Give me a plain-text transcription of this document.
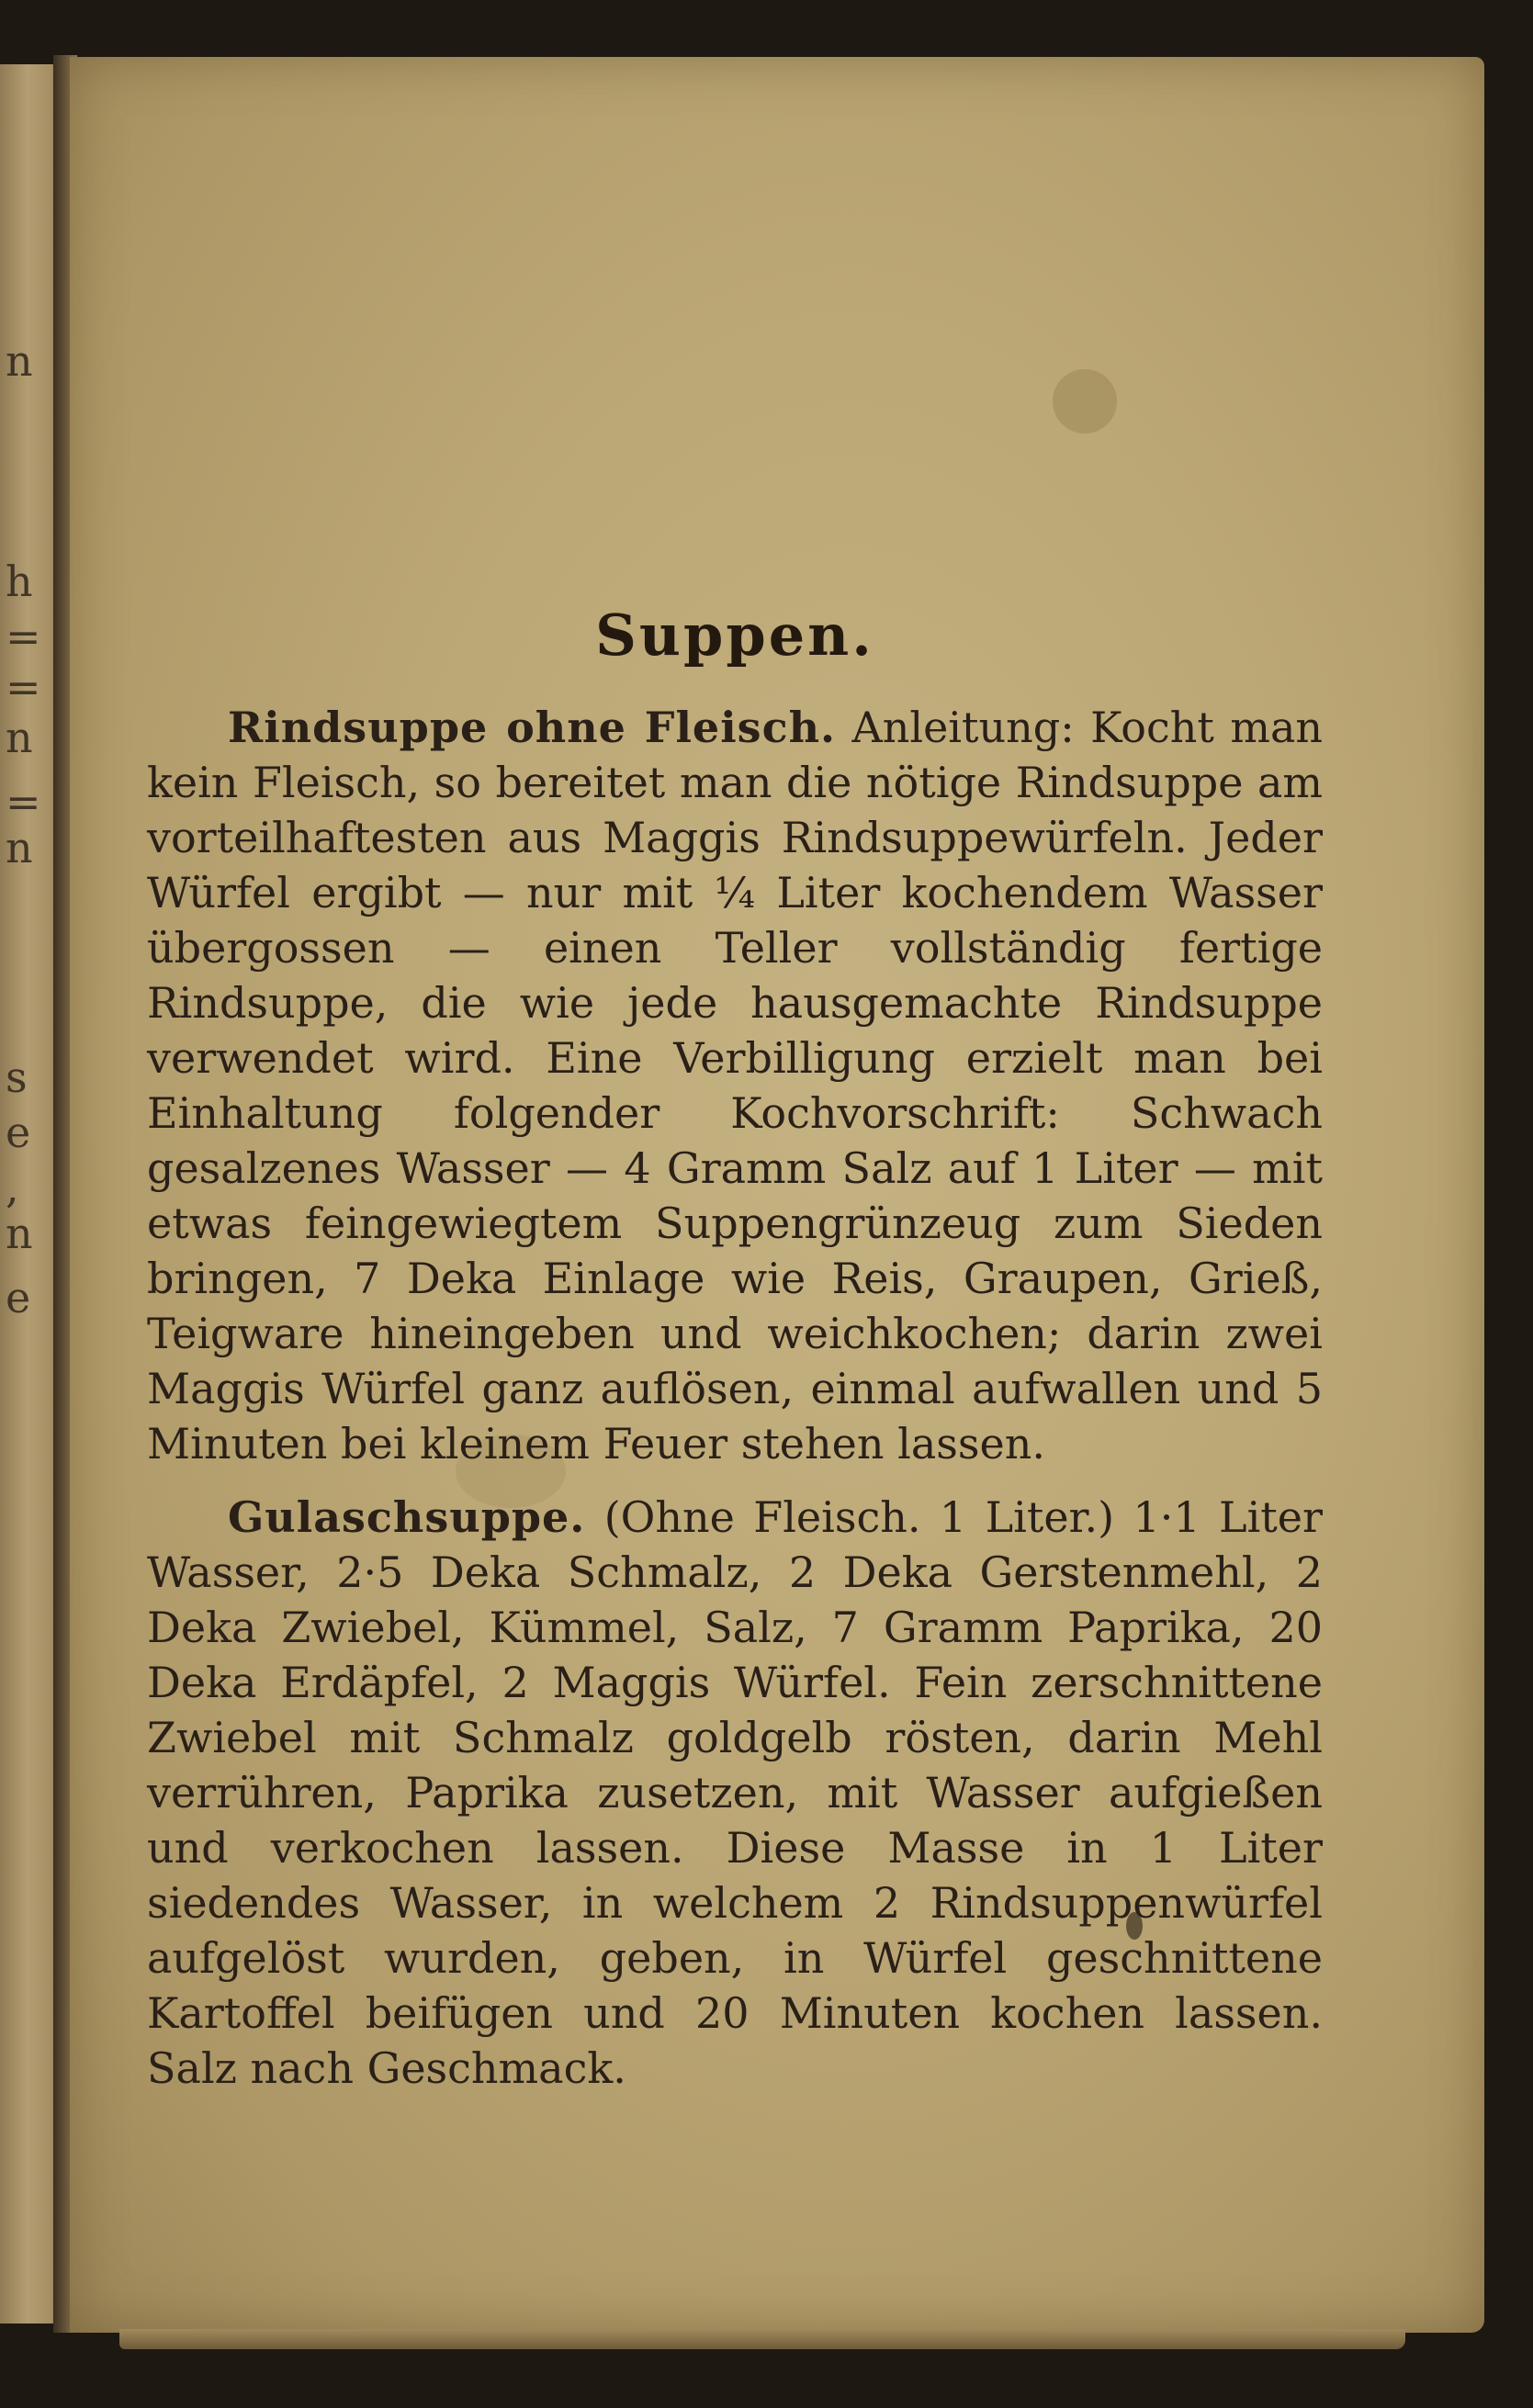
n
h
=
=
n
=
n
s
e
,
n
e
Suppen.

Rindsuppe ohne Fleisch. Anleitung: Kocht man kein Fleisch, so bereitet man die nötige Rindsuppe am vorteilhaftesten aus Maggis Rindsuppewürfeln. Jeder Würfel ergibt — nur mit ¼ Liter kochendem Wasser übergossen — einen Teller vollständig fertige Rindsuppe, die wie jede hausgemachte Rindsuppe verwendet wird. Eine Verbilligung erzielt man bei Einhaltung folgender Kochvorschrift: Schwach gesalzenes Wasser — 4 Gramm Salz auf 1 Liter — mit etwas feingewiegtem Suppengrünzeug zum Sieden bringen, 7 Deka Einlage wie Reis, Graupen, Grieß, Teigware hineingeben und weichkochen; darin zwei Maggis Würfel ganz auflösen, einmal aufwallen und 5 Minuten bei kleinem Feuer stehen lassen.

Gulaschsuppe. (Ohne Fleisch. 1 Liter.) 1·1 Liter Wasser, 2·5 Deka Schmalz, 2 Deka Gerstenmehl, 2 Deka Zwiebel, Kümmel, Salz, 7 Gramm Paprika, 20 Deka Erdäpfel, 2 Maggis Würfel. Fein zerschnittene Zwiebel mit Schmalz goldgelb rösten, darin Mehl verrühren, Paprika zusetzen, mit Wasser aufgießen und verkochen lassen. Diese Masse in 1 Liter siedendes Wasser, in welchem 2 Rindsuppenwürfel aufgelöst wurden, geben, in Würfel geschnittene Kartoffel beifügen und 20 Minuten kochen lassen. Salz nach Geschmack.
